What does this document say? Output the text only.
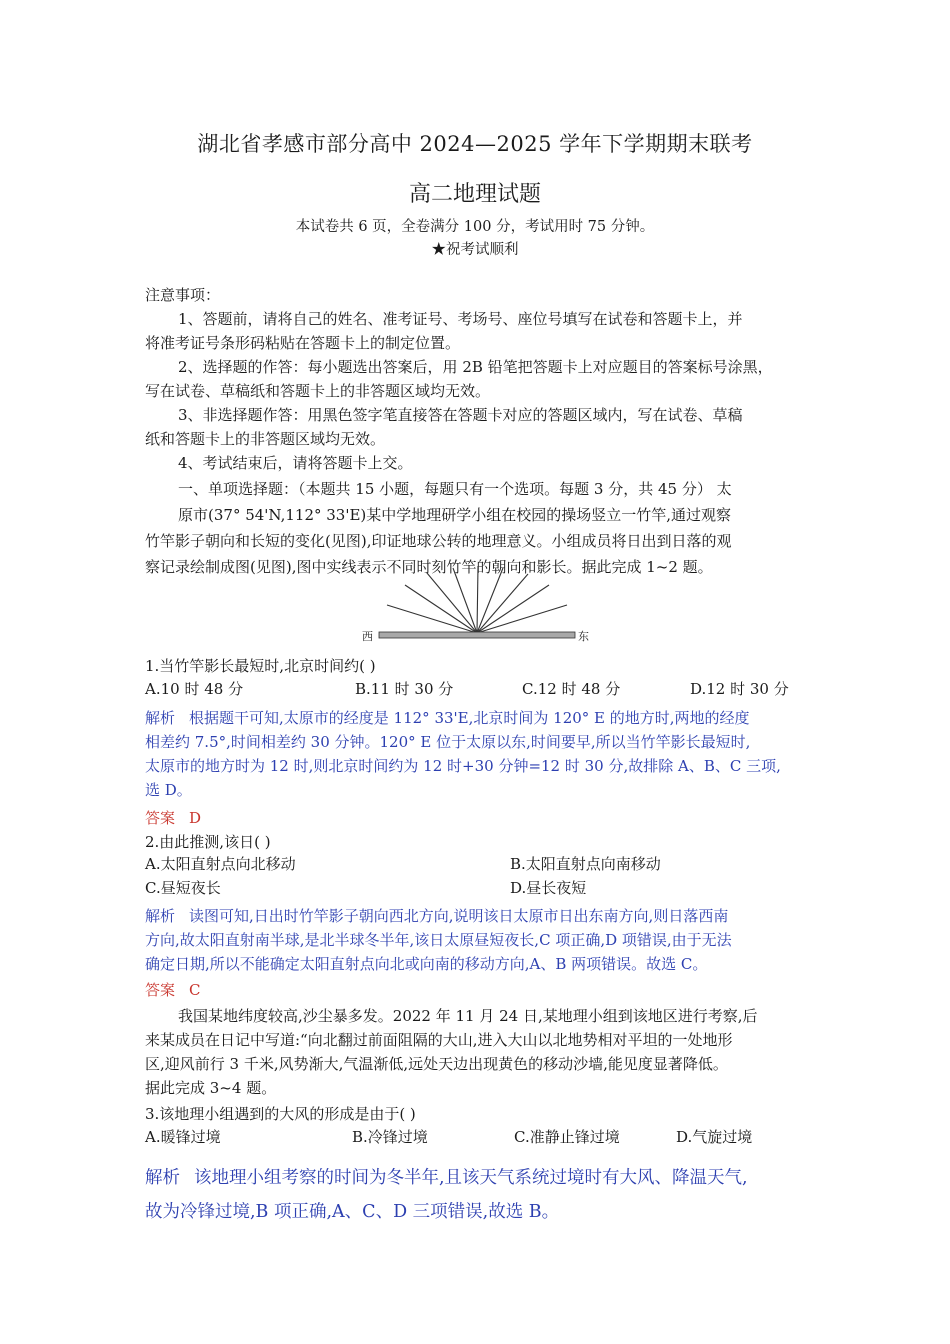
湖北省孝感市部分高中 2024—2025 学年下学期期末联考
高二地理试题
本试卷共 6 页，全卷满分 100 分，考试用时 75 分钟。
★祝考试顺利
注意事项：
1、答题前，请将自己的姓名、准考证号、考场号、座位号填写在试卷和答题卡上，并
将准考证号条形码粘贴在答题卡上的制定位置。
2、选择题的作答：每小题选出答案后，用 2B 铅笔把答题卡上对应题目的答案标号涂黑，
写在试卷、草稿纸和答题卡上的非答题区域均无效。
3、非选择题作答：用黑色签字笔直接答在答题卡对应的答题区域内，写在试卷、草稿
纸和答题卡上的非答题区域均无效。
4、考试结束后，请将答题卡上交。
一、单项选择题：（本题共 15 小题，每题只有一个选项。每题 3 分，共 45 分） 太
原市(37° 54'N,112° 33'E)某中学地理研学小组在校园的操场竖立一竹竿,通过观察
竹竿影子朝向和长短的变化(见图),印证地球公转的地理意义。小组成员将日出到日落的观
察记录绘制成图(见图),图中实线表示不同时刻竹竿的朝向和影长。据此完成 1~2 题。
西	东
1.当竹竿影长最短时,北京时间约( )
A.10 时 48 分	B.11 时 30 分	C.12 时 48 分	D.12 时 30 分
解析 根据题干可知,太原市的经度是 112° 33'E,北京时间为 120° E 的地方时,两地的经度
相差约 7.5°,时间相差约 30 分钟。120° E 位于太原以东,时间要早,所以当竹竿影长最短时,
太原市的地方时为 12 时,则北京时间约为 12 时+30 分钟=12 时 30 分,故排除 A、B、C 三项,
选 D。
答案 D
2.由此推测,该日( )
A.太阳直射点向北移动	B.太阳直射点向南移动
C.昼短夜长	D.昼长夜短
解析 读图可知,日出时竹竿影子朝向西北方向,说明该日太原市日出东南方向,则日落西南
方向,故太阳直射南半球,是北半球冬半年,该日太原昼短夜长,C 项正确,D 项错误,由于无法
确定日期,所以不能确定太阳直射点向北或向南的移动方向,A、B 两项错误。故选 C。
答案 C
我国某地纬度较高,沙尘暴多发。2022 年 11 月 24 日,某地理小组到该地区进行考察,后
来某成员在日记中写道:“向北翻过前面阻隔的大山,进入大山以北地势相对平坦的一处地形
区,迎风前行 3 千米,风势渐大,气温渐低,远处天边出现黄色的移动沙墙,能见度显著降低。
据此完成 3~4 题。
3.该地理小组遇到的大风的形成是由于( )
A.暖锋过境	B.冷锋过境	C.准静止锋过境	D.气旋过境
解析 该地理小组考察的时间为冬半年,且该天气系统过境时有大风、降温天气,
故为冷锋过境,B 项正确,A、C、D 三项错误,故选 B。
